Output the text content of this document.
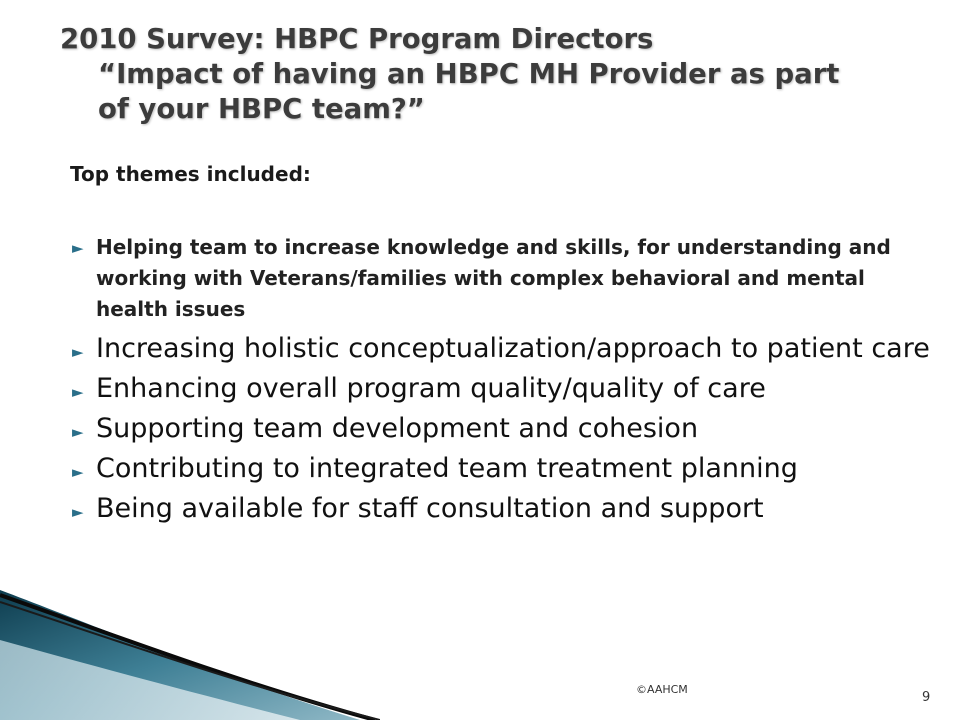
2010 Survey: HBPC Program Directors
“Impact of having an HBPC MH Provider as part
of your HBPC team?”

Top themes included:

► Helping team to increase knowledge and skills, for understanding and working with Veterans/families with complex behavioral and mental health issues
► Increasing holistic conceptualization/approach to patient care
► Enhancing overall program quality/quality of care
► Supporting team development and cohesion
► Contributing to integrated team treatment planning
► Being available for staff consultation and support
©AAHCM
9
